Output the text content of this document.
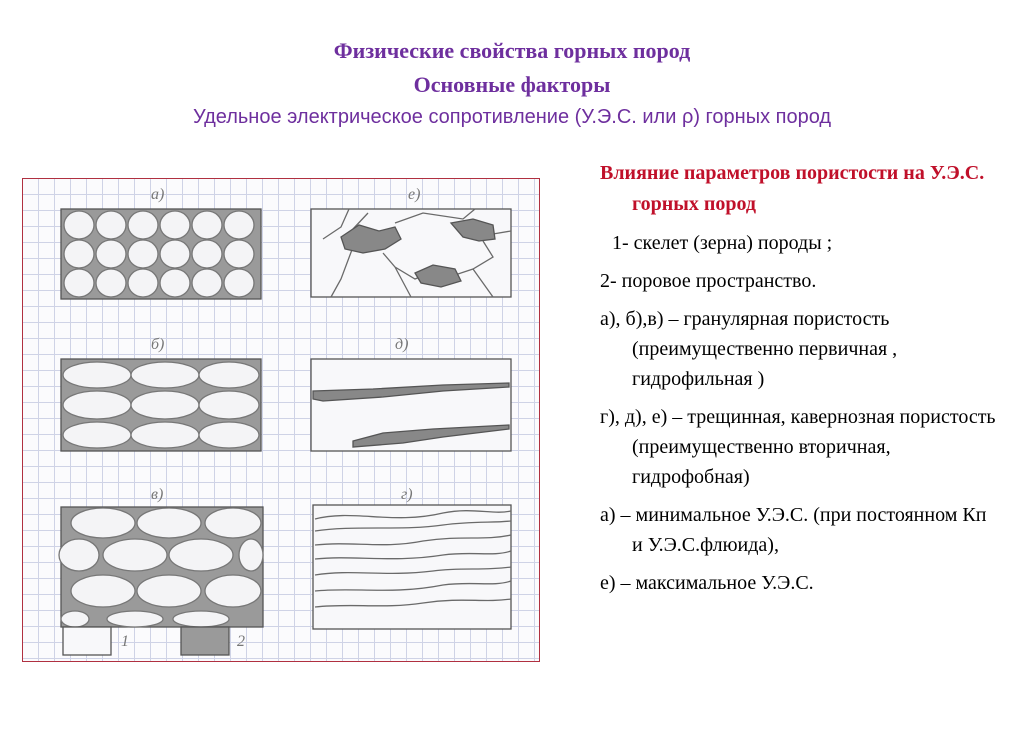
Физические свойства горных пород
Основные факторы
Удельное электрическое сопротивление (У.Э.С. или ρ) горных пород
а)	е)
б)	д)
в)	г)
1	2
Влияние параметров пористости на У.Э.С. горных пород
1- скелет (зерна) породы ;
2- поровое пространство.
а), б),в) – гранулярная пористость (преимущественно первичная , гидрофильная )
г), д), е) – трещинная, кавернозная пористость (преимущественно вторичная, гидрофобная)
а) – минимальное У.Э.С. (при постоянном Кп и У.Э.С.флюида),
е) – максимальное У.Э.С.
